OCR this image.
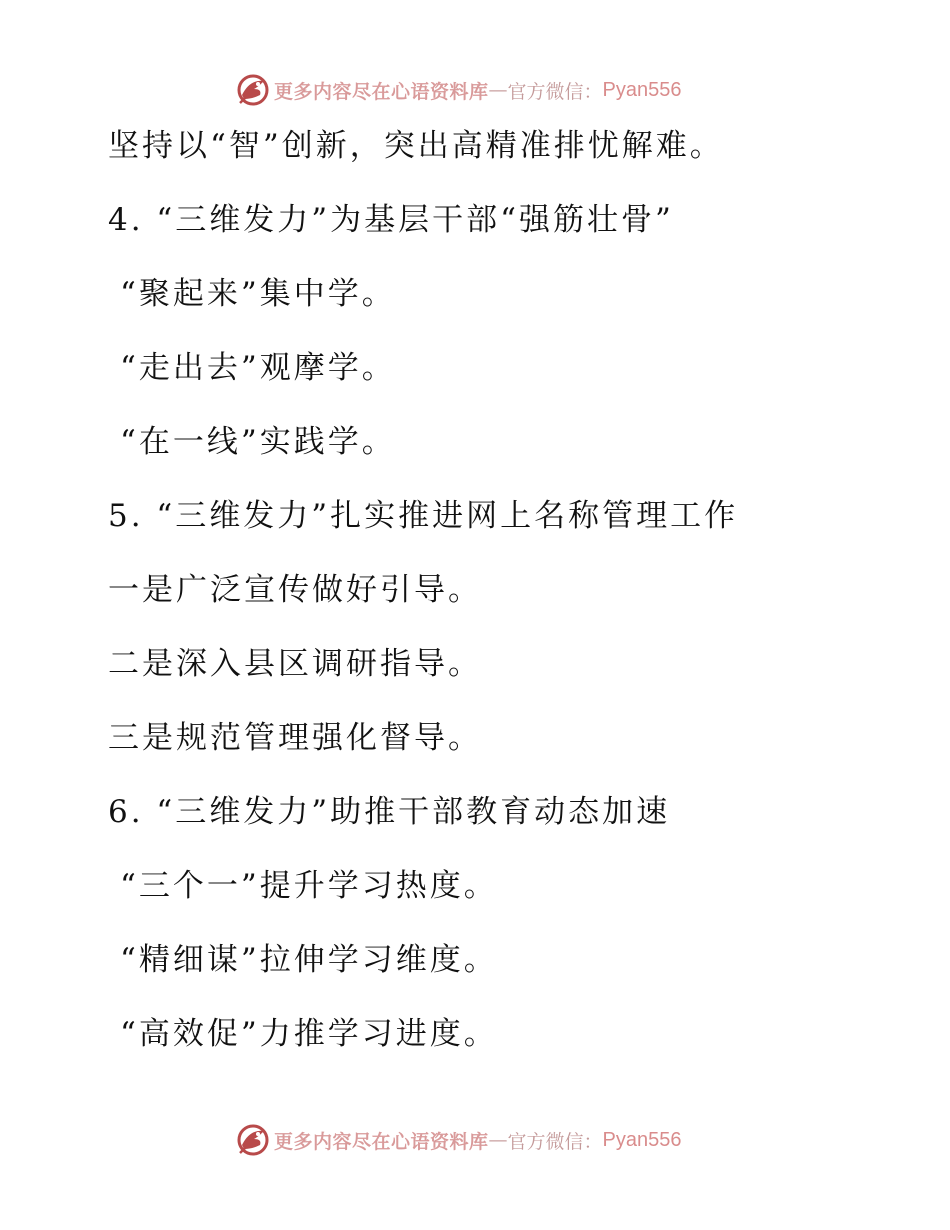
更多内容尽在心语资料库 — 官方微信： Pyan556
坚持以“智”创新，突出高精准排忧解难。
4. “三维发力”为基层干部“强筋壮骨”
“聚起来”集中学。
“走出去”观摩学。
“在一线”实践学。
5. “三维发力”扎实推进网上名称管理工作
一是广泛宣传做好引导。
二是深入县区调研指导。
三是规范管理强化督导。
6. “三维发力”助推干部教育动态加速
“三个一”提升学习热度。
“精细谋”拉伸学习维度。
“高效促”力推学习进度。
更多内容尽在心语资料库 — 官方微信： Pyan556
